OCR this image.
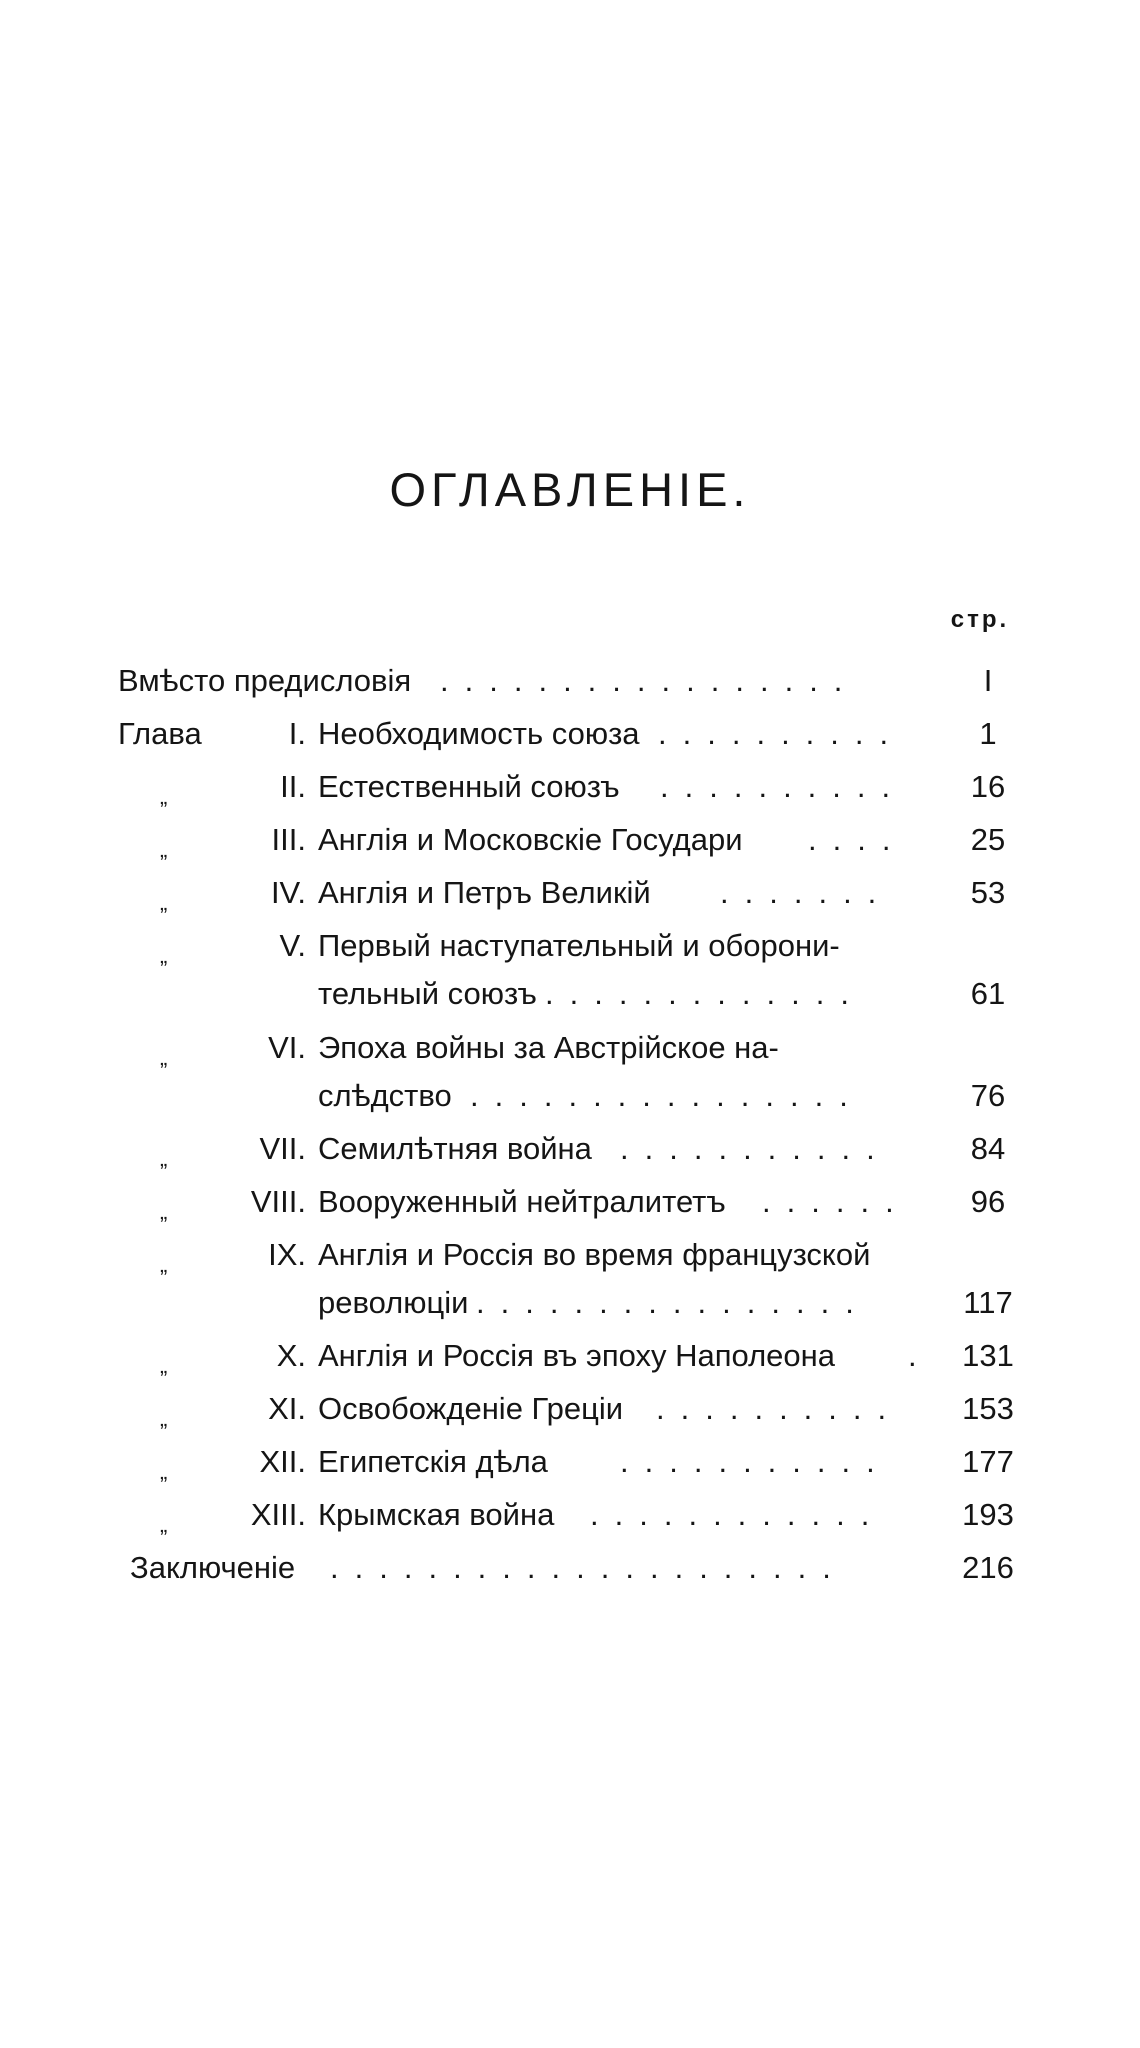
ОГЛАВЛЕНІЕ.
стр.
Вмѣсто предисловія .................	I
Глава	I. Необходимость союза ..........	1
„	II. Естественный союзъ ..........	16
„	III. Англія и Московскіе Государи ....	25
„	IV. Англія и Петръ Великій .......	53
„	V. Первый наступательный и оборони-
тельный союзъ .............	61
„	VI. Эпоха войны за Австрійское на-
слѣдство ................	76
„	VII. Семилѣтняя война ...........	84
„	VIII. Вооруженный нейтралитетъ ......	96
„	IX. Англія и Россія во время французской
революціи ................	117
„	X. Англія и Россія въ эпоху Наполеона . 131
„	XI. Освобожденіе Греціи ..........	153
„	XII. Египетскія дѣла ...........	177
„	XIII. Крымская война ............	193
Заключеніе .....................	216
